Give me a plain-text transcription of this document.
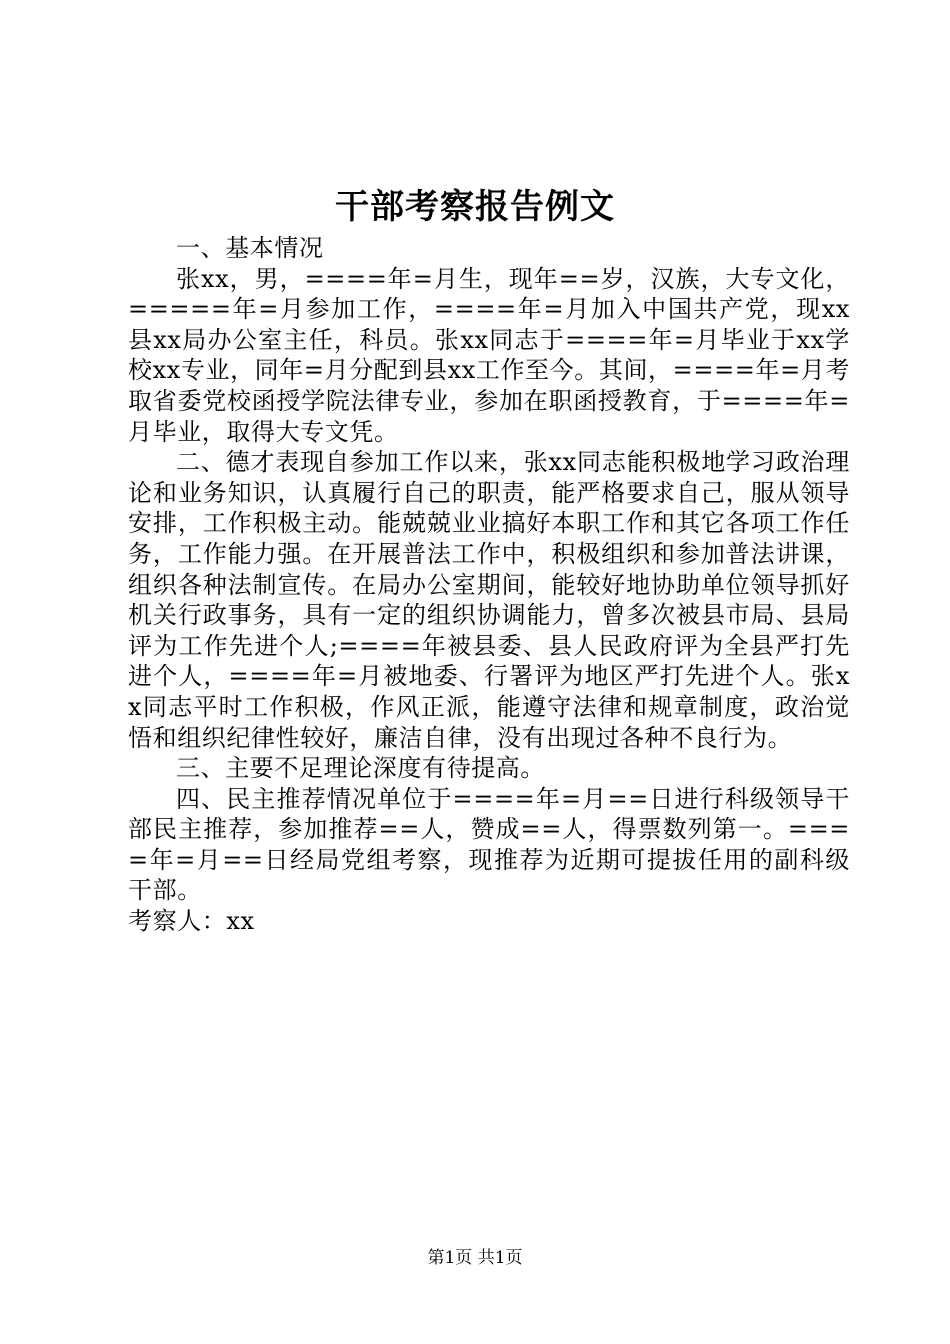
干部考察报告例文

一、基本情况

张xx，男，====年=月生，现年==岁，汉族，大专文化，=====年=月参加工作，====年=月加入中国共产党，现xx县xx局办公室主任，科员。张xx同志于====年=月毕业于xx学校xx专业，同年=月分配到县xx工作至今。其间，====年=月考取省委党校函授学院法律专业，参加在职函授教育，于====年=月毕业，取得大专文凭。

二、德才表现自参加工作以来，张xx同志能积极地学习政治理论和业务知识，认真履行自己的职责，能严格要求自己，服从领导安排，工作积极主动。能兢兢业业搞好本职工作和其它各项工作任务，工作能力强。在开展普法工作中，积极组织和参加普法讲课，组织各种法制宣传。在局办公室期间，能较好地协助单位领导抓好机关行政事务，具有一定的组织协调能力，曾多次被县市局、县局评为工作先进个人;====年被县委、县人民政府评为全县严打先进个人，====年=月被地委、行署评为地区严打先进个人。张xx同志平时工作积极，作风正派，能遵守法律和规章制度，政治觉悟和组织纪律性较好，廉洁自律，没有出现过各种不良行为。

三、主要不足理论深度有待提高。

四、民主推荐情况单位于====年=月==日进行科级领导干部民主推荐，参加推荐==人，赞成==人，得票数列第一。====年=月==日经局党组考察，现推荐为近期可提拔任用的副科级干部。

考察人：xx

第1页 共1页
